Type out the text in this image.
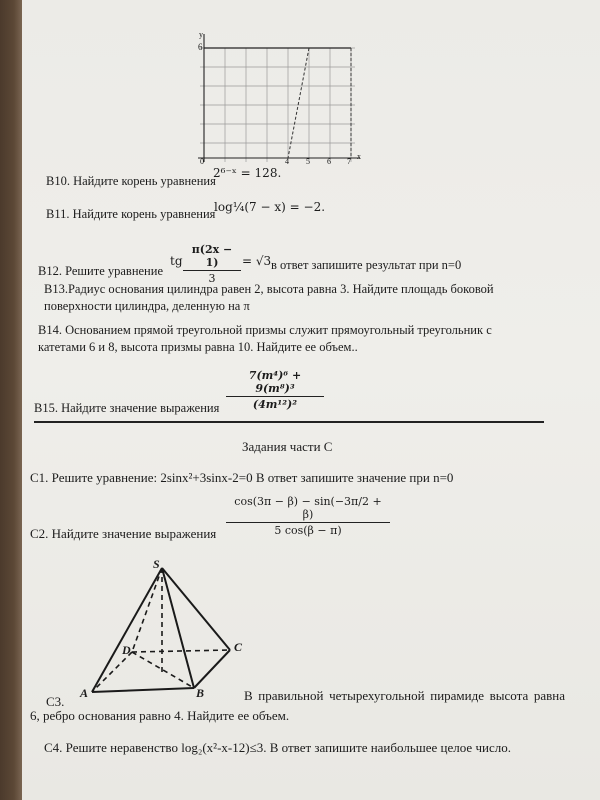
6
y
x
0	4 5 6 7
В10. Найдите корень уравнения
2⁶⁻ˣ = 128.
В11. Найдите корень уравнения
log¼(7 − x) = −2.
В12. Решите уравнение
tg
π(2x − 1)
3
= √3 в ответ запишите результат при n=0
В13.Радиус основания цилиндра равен 2, высота равна 3. Найдите площадь боковой поверхности цилиндра, деленную на π
В14. Основанием прямой треугольной призмы служит прямоугольный треугольник с катетами 6 и 8, высота призмы равна 10. Найдите ее объем..
В15. Найдите значение выражения
7(m⁴)⁶ + 9(m⁸)³
(4m¹²)²
Задания части С
С1. Решите уравнение: 2sinx²+3sinx-2=0 В ответ запишите значение при n=0
С2. Найдите значение выражения
cos(3π − β) − sin(−3π/2 + β)
5 cos(β − π)
S
D	C
A	B
С3.	В правильной четырехугольной пирамиде высота равна 6, ребро основания равно 4. Найдите ее объем.
С4. Решите неравенство log₂(x²-x-12)≤3. В ответ запишите наибольшее целое число.
